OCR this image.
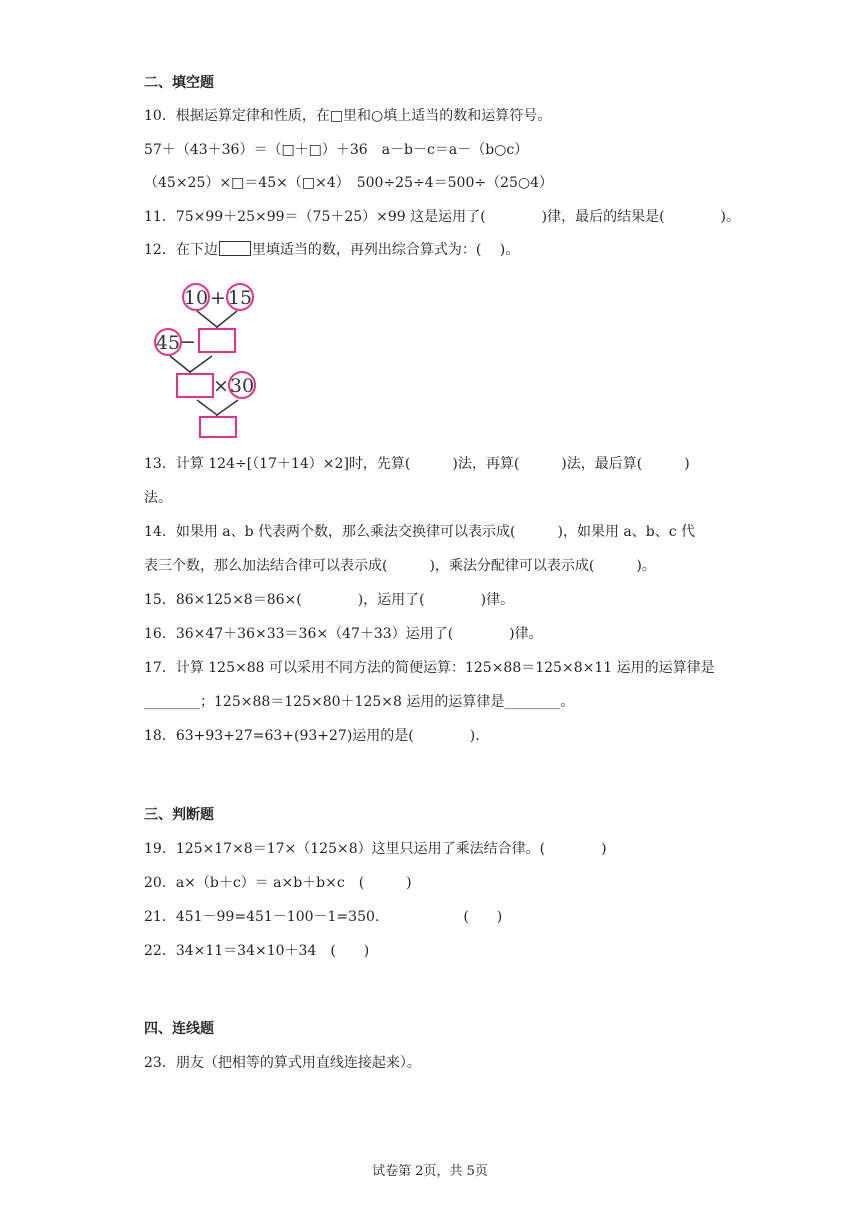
二、填空题
10．根据运算定律和性质，在□里和○填上适当的数和运算符号。
57＋（43＋36）＝（□＋□）＋36　a－b－c＝a－（b○c）
（45×25）×□＝45×（□×4）　500÷25÷4＝500÷（25○4）
11．75×99＋25×99＝（75＋25）×99 这是运用了(　　　　)律，最后的结果是(　　　　)。
12．在下边 里填适当的数，再列出综合算式为：(　 )。
10 + 15
45 −
× 30
13．计算 124÷[（17＋14）×2]时，先算(　　　)法，再算(　　　)法，最后算(　　　)
法。
14．如果用 a、b 代表两个数，那么乘法交换律可以表示成(　　　)，如果用 a、b、c 代
表三个数，那么加法结合律可以表示成(　　　)，乘法分配律可以表示成(　　　)。
15．86×125×8＝86×(　　　　)，运用了(　　　　)律。
16．36×47＋36×33＝36×（47＋33）运用了(　　　　)律。
17．计算 125×88 可以采用不同方法的简便运算：125×88＝125×8×11 运用的运算律是
________；125×88＝125×80＋125×8 运用的运算律是________。
18．63+93+27=63+(93+27)运用的是(　　　　).
三、判断题
19．125×17×8＝17×（125×8）这里只运用了乘法结合律。(　　　　)
20．a×（b＋c）＝ a×b＋b×c　(　　　)
21．451－99=451－100－1=350.　　　　　　(　　)
22．34×11＝34×10＋34　(　　)
四、连线题
23．朋友（把相等的算式用直线连接起来）。
试卷第 2页，共 5页
